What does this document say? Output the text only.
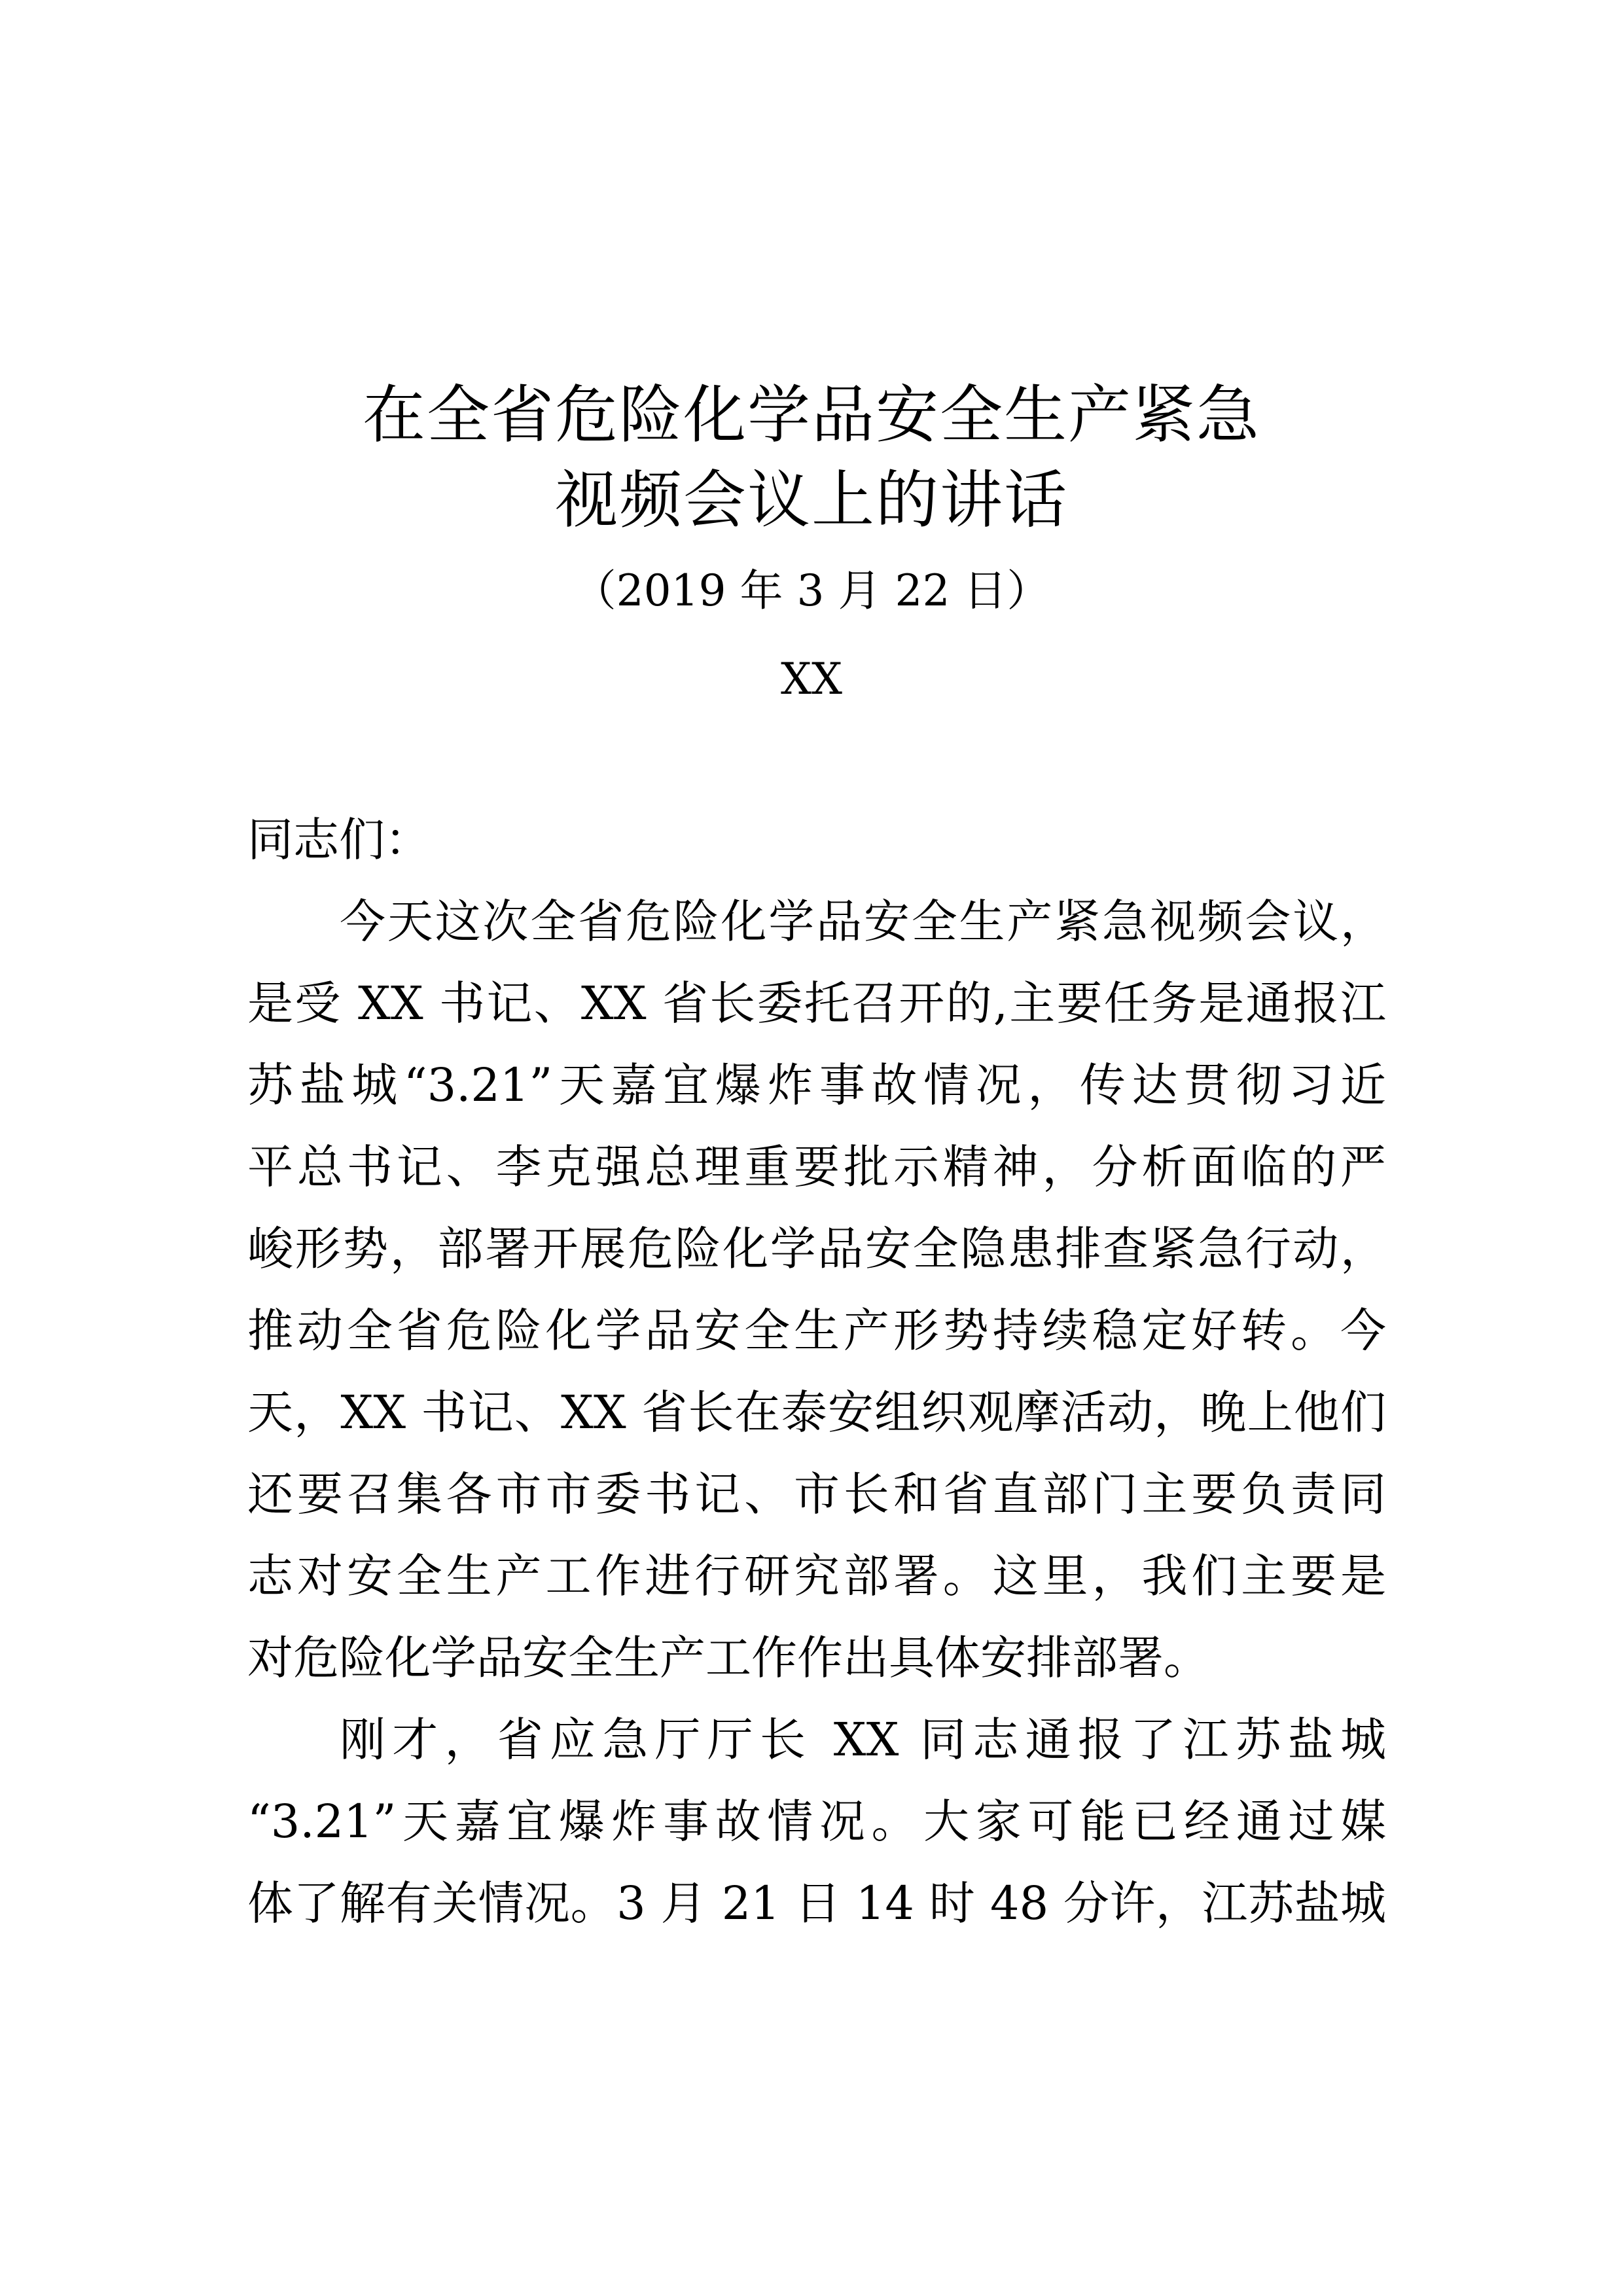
在全省危险化学品安全生产紧急
视频会议上的讲话
（2019 年 3 月 22 日）
XX
同志们：
今天这次全省危险化学品安全生产紧急视频会议，
是受 XX 书记、XX 省长委托召开的,主要任务是通报江
苏盐城“3.21”天嘉宜爆炸事故情况，传达贯彻习近
平总书记、李克强总理重要批示精神，分析面临的严
峻形势，部署开展危险化学品安全隐患排查紧急行动，
推动全省危险化学品安全生产形势持续稳定好转。今
天，XX 书记、XX 省长在泰安组织观摩活动，晚上他们
还要召集各市市委书记、市长和省直部门主要负责同
志对安全生产工作进行研究部署。这里，我们主要是
对危险化学品安全生产工作作出具体安排部署。
刚才，省应急厅厅长 XX 同志通报了江苏盐城
“3.21”天嘉宜爆炸事故情况。大家可能已经通过媒
体了解有关情况。3 月 21 日 14 时 48 分许，江苏盐城
